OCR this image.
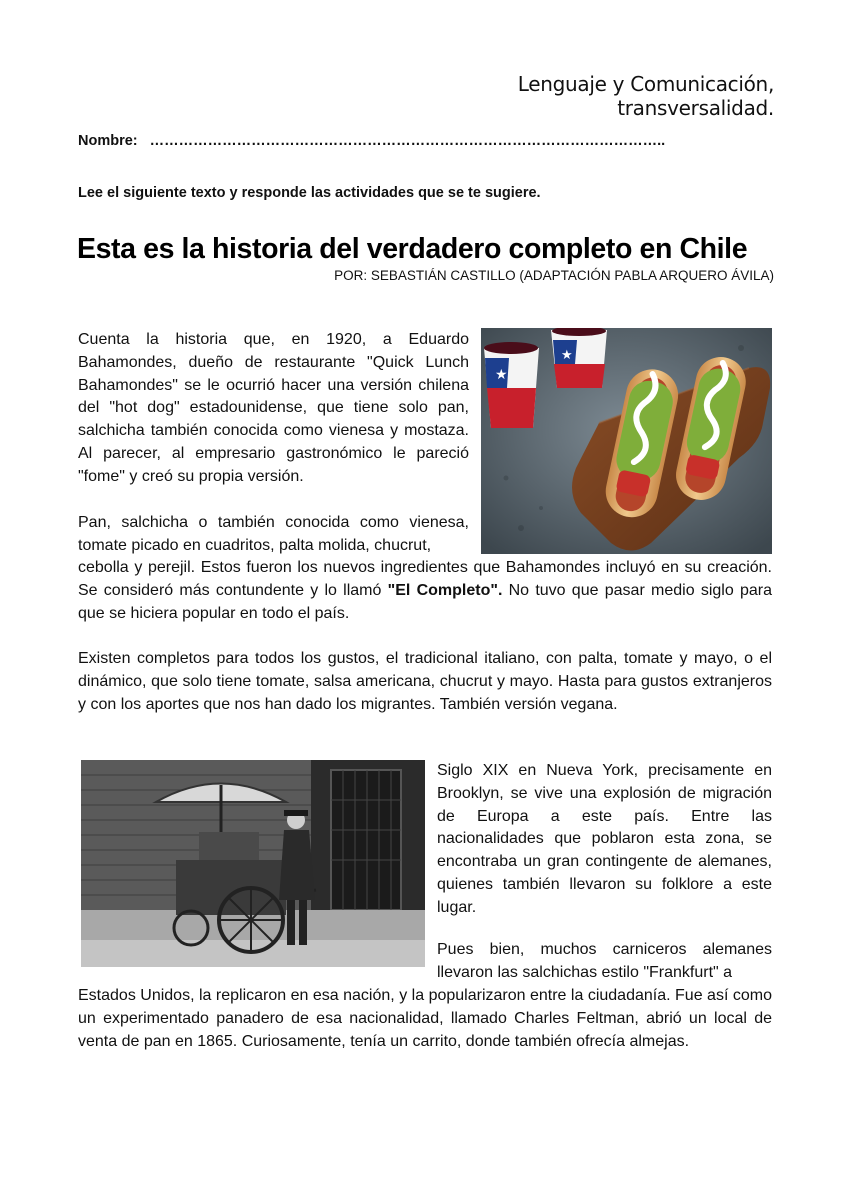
Lenguaje y Comunicación, transversalidad.
Nombre: ……………………………………………………………………………………………..
Lee el siguiente texto y responde las actividades que se te sugiere.
Esta es la historia del verdadero completo en Chile
POR: SEBASTIÁN CASTILLO (ADAPTACIÓN PABLA ARQUERO ÁVILA)
★
★

Cuenta la historia que, en 1920, a Eduardo Bahamondes, dueño de restaurante "Quick Lunch Bahamondes" se le ocurrió hacer una versión chilena del "hot dog" estadounidense, que tiene solo pan, salchicha también conocida como vienesa y mostaza. Al parecer, al empresario gastronómico le pareció "fome" y creó su propia versión.

Pan, salchicha o también conocida como vienesa, tomate picado en cuadritos, palta molida, chucrut,

cebolla y perejil. Estos fueron los nuevos ingredientes que Bahamondes incluyó en su creación. Se consideró más contundente y lo llamó "El Completo". No tuvo que pasar medio siglo para que se hiciera popular en todo el país.

Existen completos para todos los gustos, el tradicional italiano, con palta, tomate y mayo, o el dinámico, que solo tiene tomate, salsa americana, chucrut y mayo. Hasta para gustos extranjeros y con los aportes que nos han dado los migrantes. También versión vegana.

Siglo XIX en Nueva York, precisamente en Brooklyn, se vive una explosión de migración de Europa a este país. Entre las nacionalidades que poblaron esta zona, se encontraba un gran contingente de alemanes, quienes también llevaron su folklore a este lugar.

Pues bien, muchos carniceros alemanes llevaron las salchichas estilo "Frankfurt" a

Estados Unidos, la replicaron en esa nación, y la popularizaron entre la ciudadanía. Fue así como un experimentado panadero de esa nacionalidad, llamado Charles Feltman, abrió un local de venta de pan en 1865. Curiosamente, tenía un carrito, donde también ofrecía almejas.
